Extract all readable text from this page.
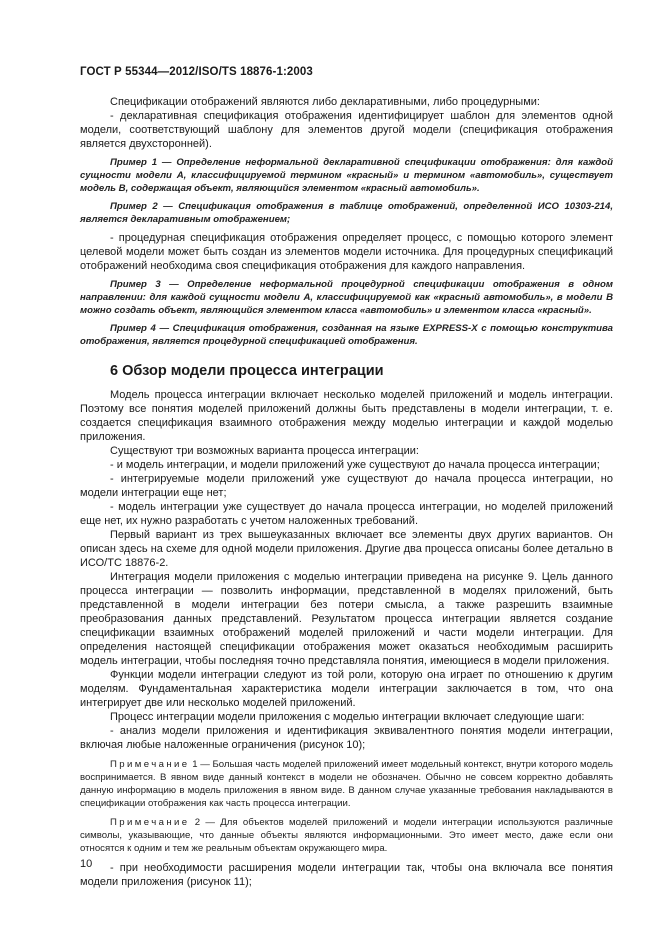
ГОСТ Р 55344—2012/ISO/TS 18876-1:2003

Спецификации отображений являются либо декларативными, либо процедурными:

- декларативная спецификация отображения идентифицирует шаблон для элементов одной модели, соответствующий шаблону для элементов другой модели (спецификация отображения является двухсторонней).

Пример 1 — Определение неформальной декларативной спецификации отображения: для каждой сущности модели А, классифицируемой термином «красный» и термином «автомобиль», существует модель В, содержащая объект, являющийся элементом «красный автомобиль».

Пример 2 — Спецификация отображения в таблице отображений, определенной ИСО 10303-214, является декларативным отображением;

- процедурная спецификация отображения определяет процесс, с помощью которого элемент целевой модели может быть создан из элементов модели источника. Для процедурных спецификаций отображений необходима своя спецификация отображения для каждого направления.

Пример 3 — Определение неформальной процедурной спецификации отображения в одном направлении: для каждой сущности модели А, классифицируемой как «красный автомобиль», в модели В можно создать объект, являющийся элементом класса «автомобиль» и элементом класса «красный».

Пример 4 — Спецификация отображения, созданная на языке EXPRESS-X с помощью конструктива отображения, является процедурной спецификацией отображения.

6 Обзор модели процесса интеграции

Модель процесса интеграции включает несколько моделей приложений и модель интеграции. Поэтому все понятия моделей приложений должны быть представлены в модели интеграции, т. е. создается спецификация взаимного отображения между моделью интеграции и каждой моделью приложения.

Существуют три возможных варианта процесса интеграции:

- и модель интеграции, и модели приложений уже существуют до начала процесса интеграции;

- интегрируемые модели приложений уже существуют до начала процесса интеграции, но модели интеграции еще нет;

- модель интеграции уже существует до начала процесса интеграции, но моделей приложений еще нет, их нужно разработать с учетом наложенных требований.

Первый вариант из трех вышеуказанных включает все элементы двух других вариантов. Он описан здесь на схеме для одной модели приложения. Другие два процесса описаны более детально в ИСО/ТС 18876-2.

Интеграция модели приложения с моделью интеграции приведена на рисунке 9. Цель данного процесса интеграции — позволить информации, представленной в моделях приложений, быть представленной в модели интеграции без потери смысла, а также разрешить взаимные преобразования данных представлений. Результатом процесса интеграции является создание спецификации взаимных отображений моделей приложений и части модели интеграции. Для определения настоящей спецификации отображения может оказаться необходимым расширить модель интеграции, чтобы последняя точно представляла понятия, имеющиеся в модели приложения.

Функции модели интеграции следуют из той роли, которую она играет по отношению к другим моделям. Фундаментальная характеристика модели интеграции заключается в том, что она интегрирует две или несколько моделей приложений.

Процесс интеграции модели приложения с моделью интеграции включает следующие шаги:

- анализ модели приложения и идентификация эквивалентного понятия модели интеграции, включая любые наложенные ограничения (рисунок 10);

Примечание 1 — Большая часть моделей приложений имеет модельный контекст, внутри которого модель воспринимается. В явном виде данный контекст в модели не обозначен. Обычно не совсем корректно добавлять данную информацию в модель приложения в явном виде. В данном случае указанные требования накладываются в спецификации отображения как часть процесса интеграции.

Примечание 2 — Для объектов моделей приложений и модели интеграции используются различные символы, указывающие, что данные объекты являются информационными. Это имеет место, даже если они относятся к одним и тем же реальным объектам окружающего мира.

- при необходимости расширения модели интеграции так, чтобы она включала все понятия модели приложения (рисунок 11);

10
